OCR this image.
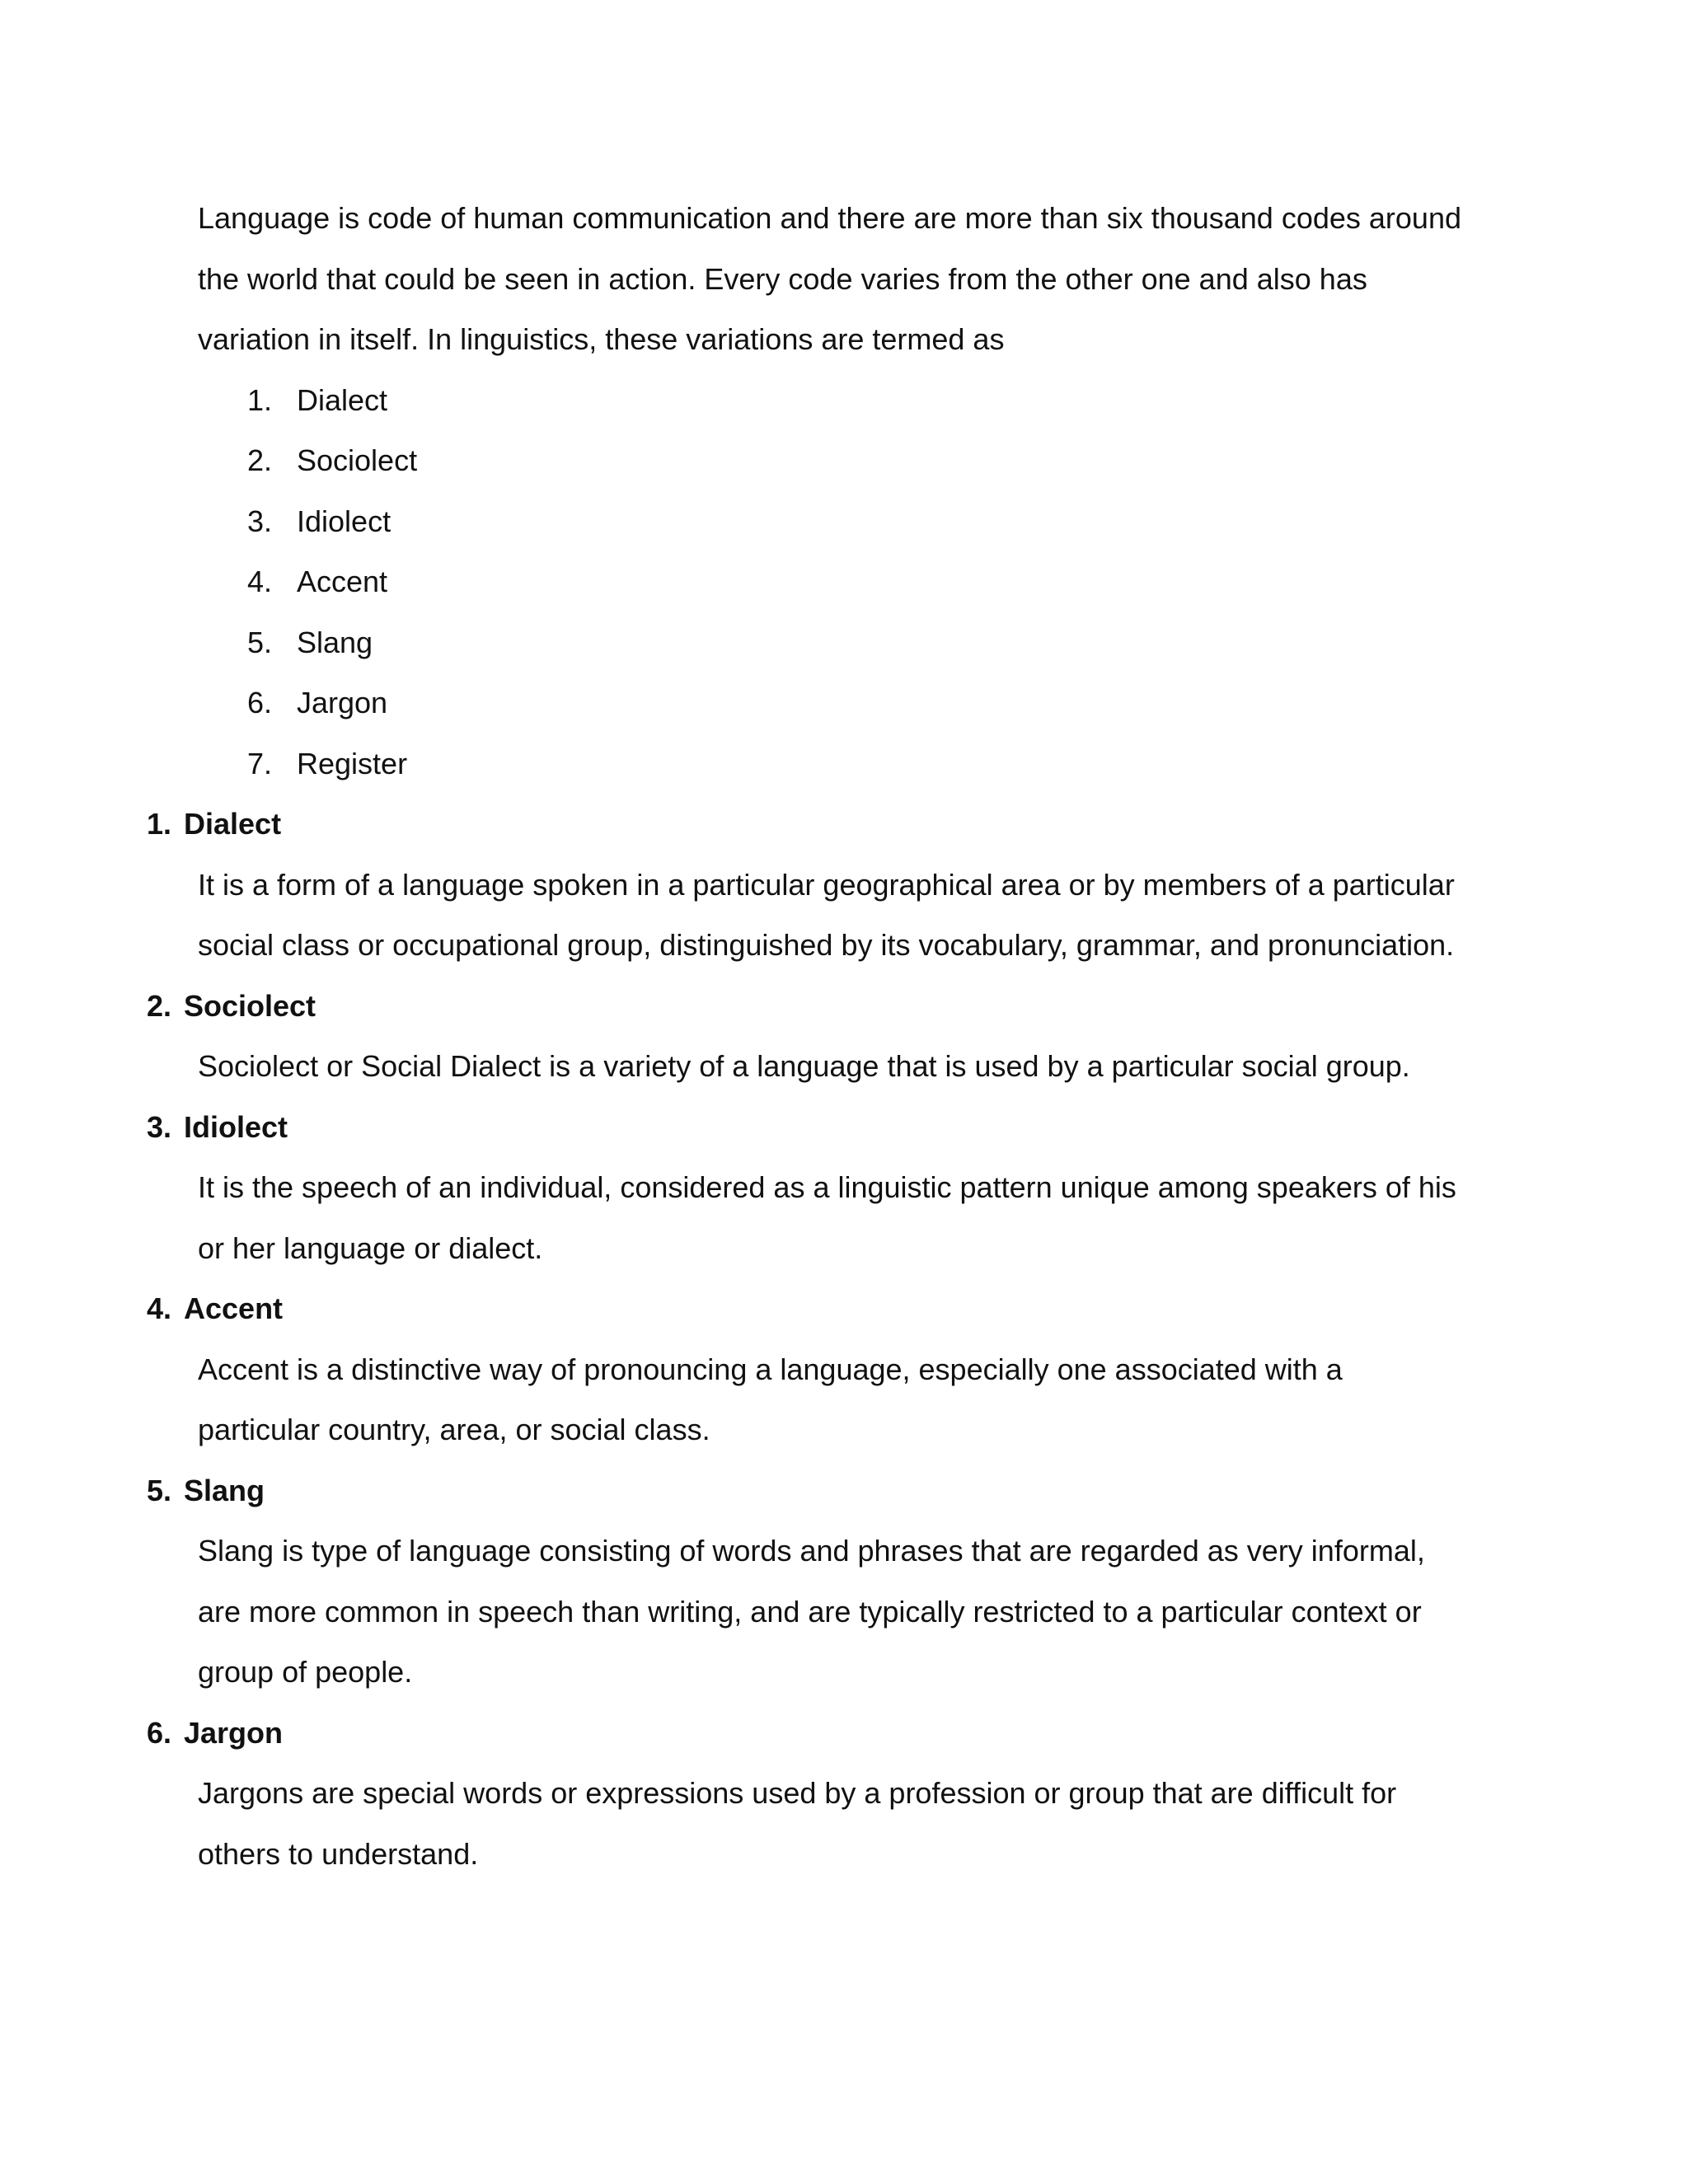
Language is code of human communication and there are more than six thousand codes around
the world that could be seen in action. Every code varies from the other one and also has
variation in itself. In linguistics, these variations are termed as

1. Dialect
2. Sociolect
3. Idiolect
4. Accent
5. Slang
6. Jargon
7. Register
1. Dialect

It is a form of a language spoken in a particular geographical area or by members of a particular
social class or occupational group, distinguished by its vocabulary, grammar, and pronunciation.

2. Sociolect

Sociolect or Social Dialect is a variety of a language that is used by a particular social group.

3. Idiolect

It is the speech of an individual, considered as a linguistic pattern unique among speakers of his
or her language or dialect.

4. Accent

Accent is a distinctive way of pronouncing a language, especially one associated with a
particular country, area, or social class.

5. Slang

Slang is type of language consisting of words and phrases that are regarded as very informal,
are more common in speech than writing, and are typically restricted to a particular context or
group of people.

6. Jargon

Jargons are special words or expressions used by a profession or group that are difficult for
others to understand.
